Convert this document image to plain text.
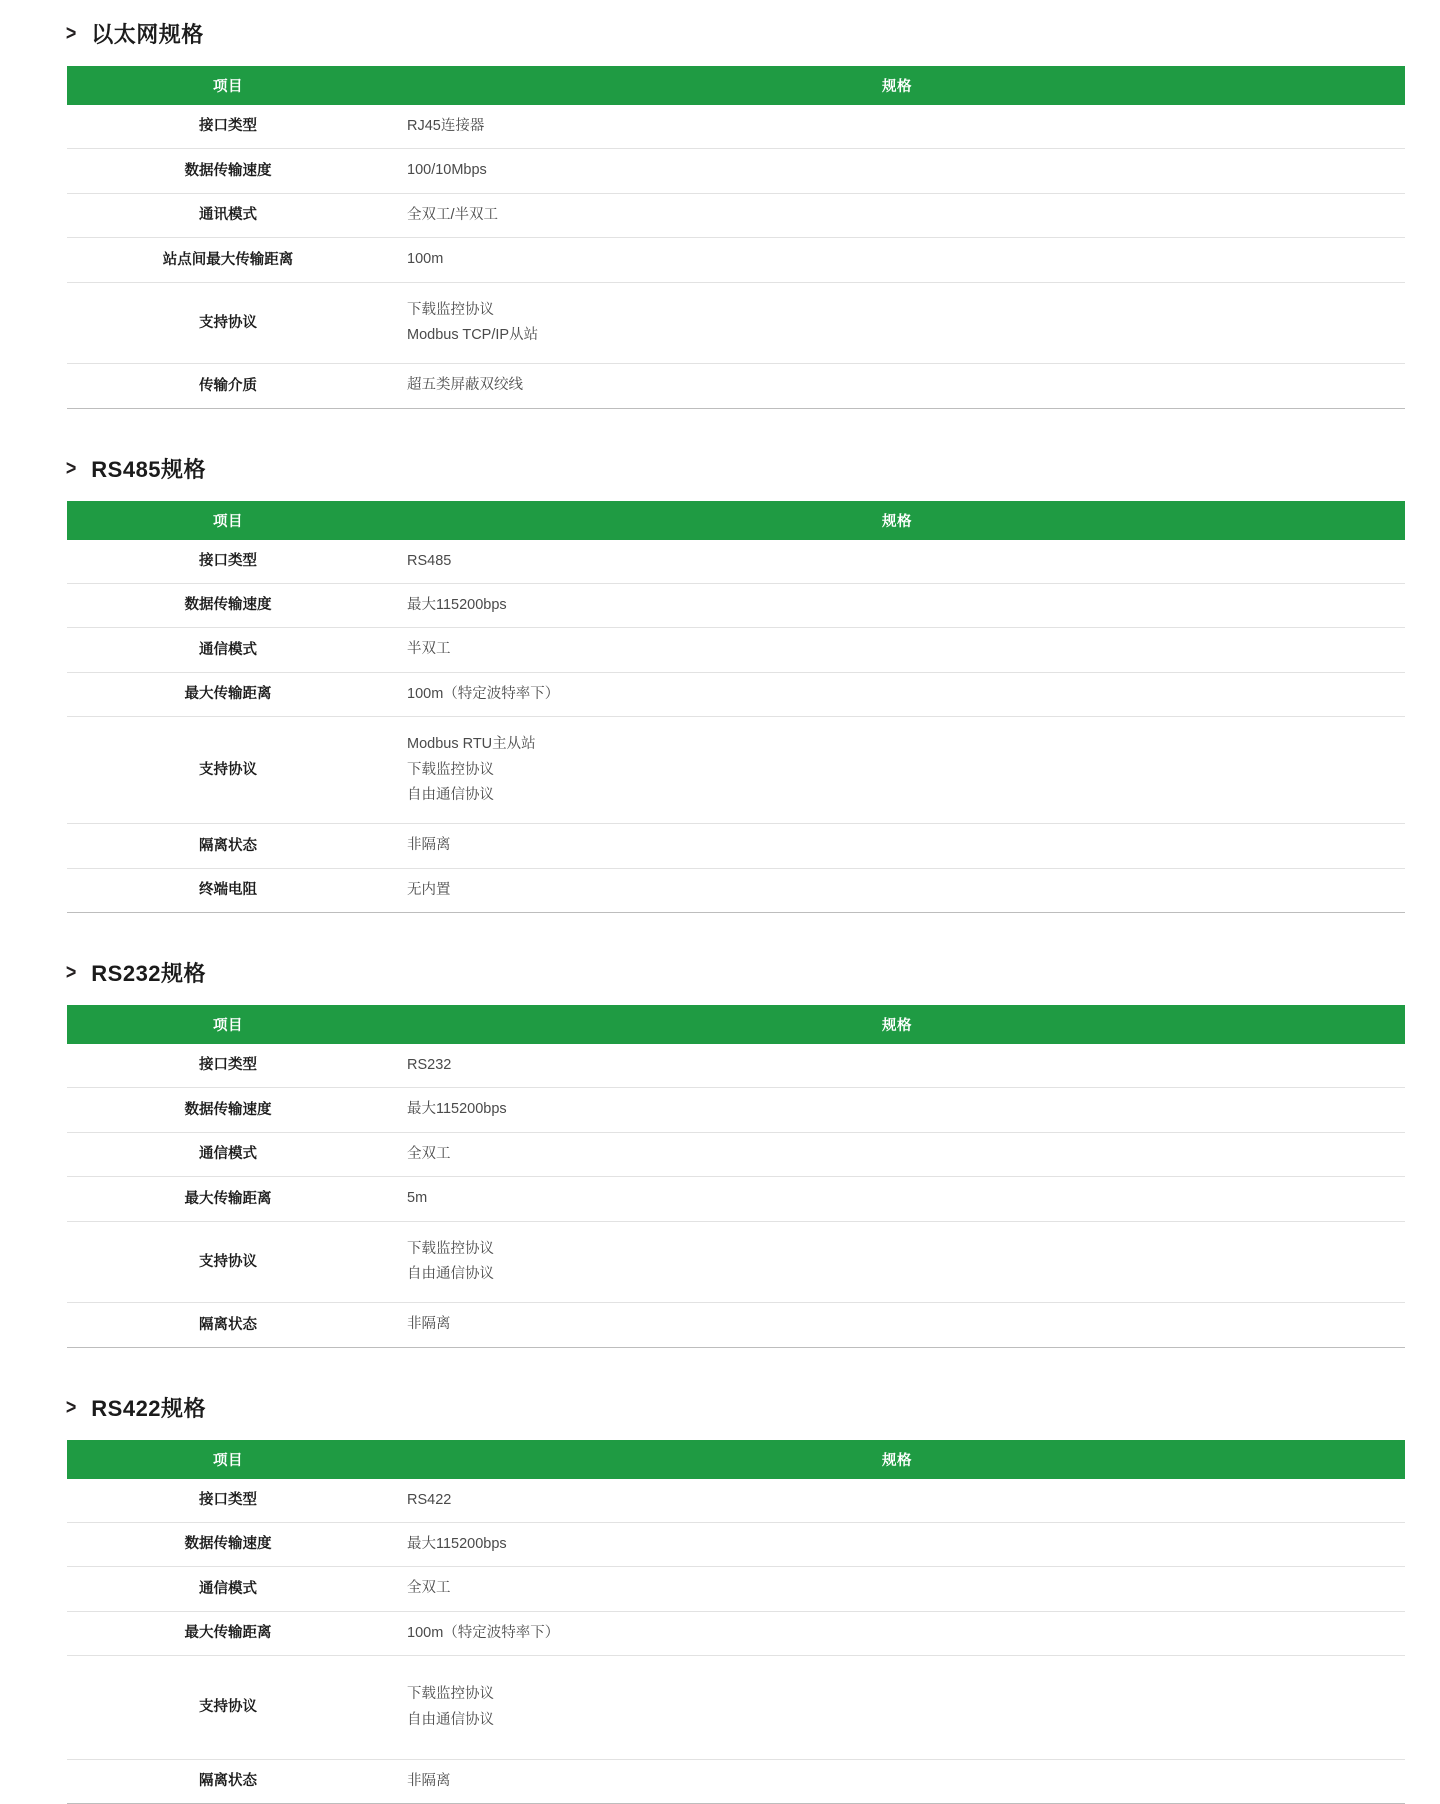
> 以太网规格
项目	规格
接口类型	RJ45连接器

数据传输速度	100/10Mbps

通讯模式	全双工/半双工

站点间最大传输距离	100m

支持协议	下载监控协议
Modbus TCP/IP从站

传输介质	超五类屏蔽双绞线
> RS485规格
项目	规格
接口类型	RS485

数据传输速度	最大115200bps

通信模式	半双工

最大传输距离	100m（特定波特率下）

支持协议	Modbus RTU主从站
下载监控协议
自由通信协议

隔离状态	非隔离

终端电阻	无内置
> RS232规格
项目	规格
接口类型	RS232

数据传输速度	最大115200bps

通信模式	全双工

最大传输距离	5m

支持协议	下载监控协议
自由通信协议

隔离状态	非隔离
> RS422规格
项目	规格
接口类型	RS422

数据传输速度	最大115200bps

通信模式	全双工

最大传输距离	100m（特定波特率下）

支持协议	下载监控协议
自由通信协议

隔离状态	非隔离
